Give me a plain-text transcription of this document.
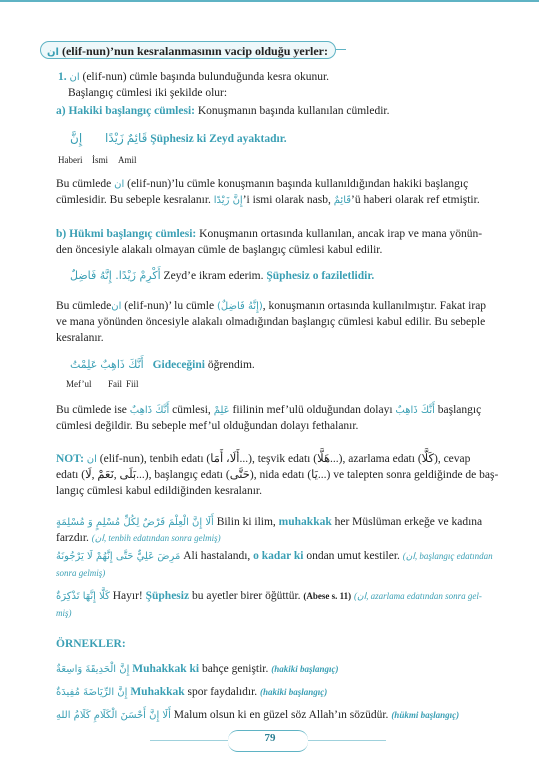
ان (elif-nun)’nun kesralanmasının vacip olduğu yerler:
1. ان (elif-nun) cümle başında bulunduğunda kesra okunur.
Başlangıç cümlesi iki şekilde olur:
a) Hakiki başlangıç cümlesi: Konuşmanın başında kullanılan cümledir.
قَائِمٌ زَيْدًا إِنَّ	Şüphesiz ki Zeyd ayaktadır.
Haberi İsmi Amil
Bu cümlede ان (elif-nun)’lu cümle konuşmanın başında kullanıldığından hakiki başlangıç
cümlesidir. Bu sebeple kesralanır. إِنَّ زَيْدًا’i ismi olarak nasb, قَائِمٌ’ü haberi olarak ref etmiştir.
b) Hükmi başlangıç cümlesi: Konuşmanın ortasında kullanılan, ancak irap ve mana yönün-
den öncesiyle alakalı olmayan cümle de başlangıç cümlesi kabul edilir.
أَكْرِمْ زَيْدًا. إِنَّهُ فَاضِلٌ Zeyd’e ikram ederim. Şüphesiz o faziletlidir.
Bu cümledeان (elif-nun)’ lu cümle (إِنَّهُ فَاضِلٌ), konuşmanın ortasında kullanılmıştır. Fakat irap
ve mana yönünden öncesiyle alakalı olmadığından başlangıç cümlesi kabul edilir. Bu sebeple
kesralanır.
أَنَّكَ ذَاهِبٌ عَلِمْتُ	Gideceğini öğrendim.
Mef’ul Fail Fiil
Bu cümlede ise أَنَّكَ ذَاهِبٌ cümlesi, عَلِمْ fiilinin mef’ulü olduğundan dolayı أَنَّكَ ذَاهِبٌ başlangıç
cümlesi değildir. Bu sebeple mef’ul olduğundan dolayı fethalanır.
NOT: ان (elif-nun), tenbih edatı (أَلَا، أَمَا...), teşvik edatı (هَلَّا...), azarlama edatı (كَلَّا), cevap
edatı (بَلَى ,نَعَمْ ,لَا...), başlangıç edatı (حَتَّى), nida edatı (يَا...) ve talepten sonra geldiğinde de baş-
langıç cümlesi kabul edildiğinden kesralanır.
أَلَا إِنَّ الْعِلْمَ فَرْضٌ لِكُلِّ مُسْلِمٍ وَ مُسْلِمَةٍ Bilin ki ilim, muhakkak her Müslüman erkeğe ve kadına
farzdır. (ان, tenbih edatından sonra gelmiş)
مَرِضَ عَلِيٌّ حَتَّى إِنَّهُمْ لَا يَرْجُونَهُ Ali hastalandı, o kadar ki ondan umut kestiler. (ان, başlangıç edatından
sonra gelmiş)
كَلَّا إِنَّهَا تَذْكِرَةٌ Hayır! Şüphesiz bu ayetler birer öğüttür. (Abese s. 11) (ان, azarlama edatından sonra gel-
miş)
ÖRNEKLER:
إِنَّ الْحَدِيقَةَ وَاسِعَةٌ Muhakkak ki bahçe geniştir. (hakiki başlangıç)
إِنَّ الرِّيَاضَةَ مُفِيدَةٌ Muhakkak spor faydalıdır. (hakiki başlangıç)
أَلَا إِنَّ أَحْسَنَ الْكَلَامِ كَلَامُ اللهِ Malum olsun ki en güzel söz Allah’ın sözüdür. (hükmi başlangıç)
79
